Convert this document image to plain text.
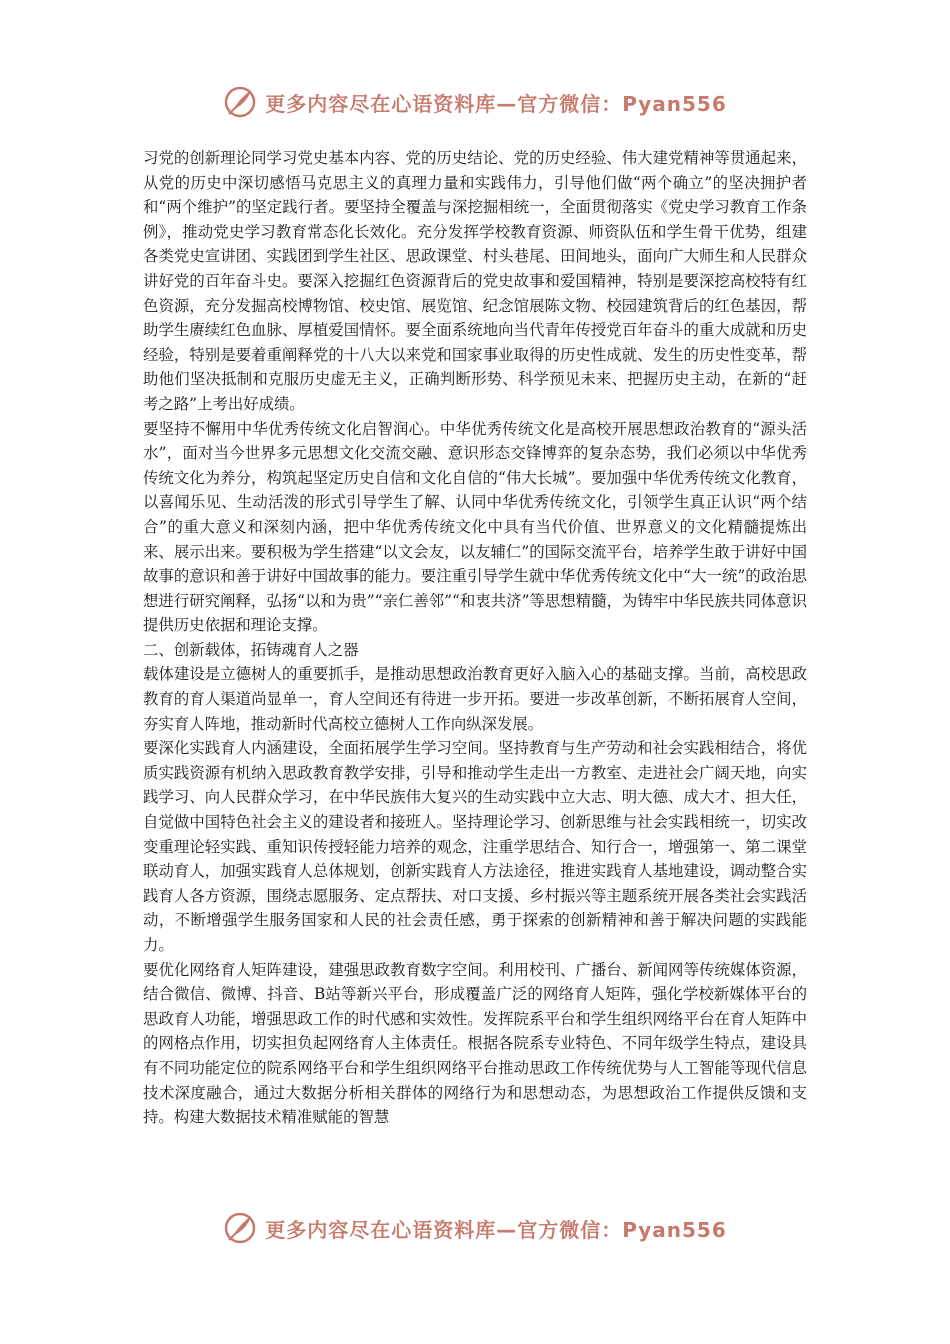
更多内容尽在心语资料库—官方微信：Pyan556

习党的创新理论同学习党史基本内容、党的历史结论、党的历史经验、伟大建党精神等贯通起来，从党的历史中深切感悟马克思主义的真理力量和实践伟力，引导他们做“两个确立”的坚决拥护者和“两个维护”的坚定践行者。要坚持全覆盖与深挖掘相统一，全面贯彻落实《党史学习教育工作条例》，推动党史学习教育常态化长效化。充分发挥学校教育资源、师资队伍和学生骨干优势，组建各类党史宣讲团、实践团到学生社区、思政课堂、村头巷尾、田间地头，面向广大师生和人民群众讲好党的百年奋斗史。要深入挖掘红色资源背后的党史故事和爱国精神，特别是要深挖高校特有红色资源，充分发掘高校博物馆、校史馆、展览馆、纪念馆展陈文物、校园建筑背后的红色基因，帮助学生赓续红色血脉、厚植爱国情怀。要全面系统地向当代青年传授党百年奋斗的重大成就和历史经验，特别是要着重阐释党的十八大以来党和国家事业取得的历史性成就、发生的历史性变革，帮助他们坚决抵制和克服历史虚无主义，正确判断形势、科学预见未来、把握历史主动，在新的“赶考之路”上考出好成绩。

要坚持不懈用中华优秀传统文化启智润心。中华优秀传统文化是高校开展思想政治教育的“源头活水”，面对当今世界多元思想文化交流交融、意识形态交锋博弈的复杂态势，我们必须以中华优秀传统文化为养分，构筑起坚定历史自信和文化自信的“伟大长城”。要加强中华优秀传统文化教育，以喜闻乐见、生动活泼的形式引导学生了解、认同中华优秀传统文化，引领学生真正认识“两个结合”的重大意义和深刻内涵，把中华优秀传统文化中具有当代价值、世界意义的文化精髓提炼出来、展示出来。要积极为学生搭建“以文会友，以友辅仁”的国际交流平台，培养学生敢于讲好中国故事的意识和善于讲好中国故事的能力。要注重引导学生就中华优秀传统文化中“大一统”的政治思想进行研究阐释，弘扬“以和为贵”“亲仁善邻”“和衷共济”等思想精髓，为铸牢中华民族共同体意识提供历史依据和理论支撑。

二、创新载体，拓铸魂育人之器

载体建设是立德树人的重要抓手，是推动思想政治教育更好入脑入心的基础支撑。当前，高校思政教育的育人渠道尚显单一，育人空间还有待进一步开拓。要进一步改革创新，不断拓展育人空间，夯实育人阵地，推动新时代高校立德树人工作向纵深发展。

要深化实践育人内涵建设，全面拓展学生学习空间。坚持教育与生产劳动和社会实践相结合，将优质实践资源有机纳入思政教育教学安排，引导和推动学生走出一方教室、走进社会广阔天地，向实践学习、向人民群众学习，在中华民族伟大复兴的生动实践中立大志、明大德、成大才、担大任，自觉做中国特色社会主义的建设者和接班人。坚持理论学习、创新思维与社会实践相统一，切实改变重理论轻实践、重知识传授轻能力培养的观念，注重学思结合、知行合一，增强第一、第二课堂联动育人，加强实践育人总体规划，创新实践育人方法途径，推进实践育人基地建设，调动整合实践育人各方资源，围绕志愿服务、定点帮扶、对口支援、乡村振兴等主题系统开展各类社会实践活动，不断增强学生服务国家和人民的社会责任感，勇于探索的创新精神和善于解决问题的实践能力。

要优化网络育人矩阵建设，建强思政教育数字空间。利用校刊、广播台、新闻网等传统媒体资源，结合微信、微博、抖音、B站等新兴平台，形成覆盖广泛的网络育人矩阵，强化学校新媒体平台的思政育人功能，增强思政工作的时代感和实效性。发挥院系平台和学生组织网络平台在育人矩阵中的网格点作用，切实担负起网络育人主体责任。根据各院系专业特色、不同年级学生特点，建设具有不同功能定位的院系网络平台和学生组织网络平台推动思政工作传统优势与人工智能等现代信息技术深度融合，通过大数据分析相关群体的网络行为和思想动态，为思想政治工作提供反馈和支持。构建大数据技术精准赋能的智慧

更多内容尽在心语资料库—官方微信：Pyan556
